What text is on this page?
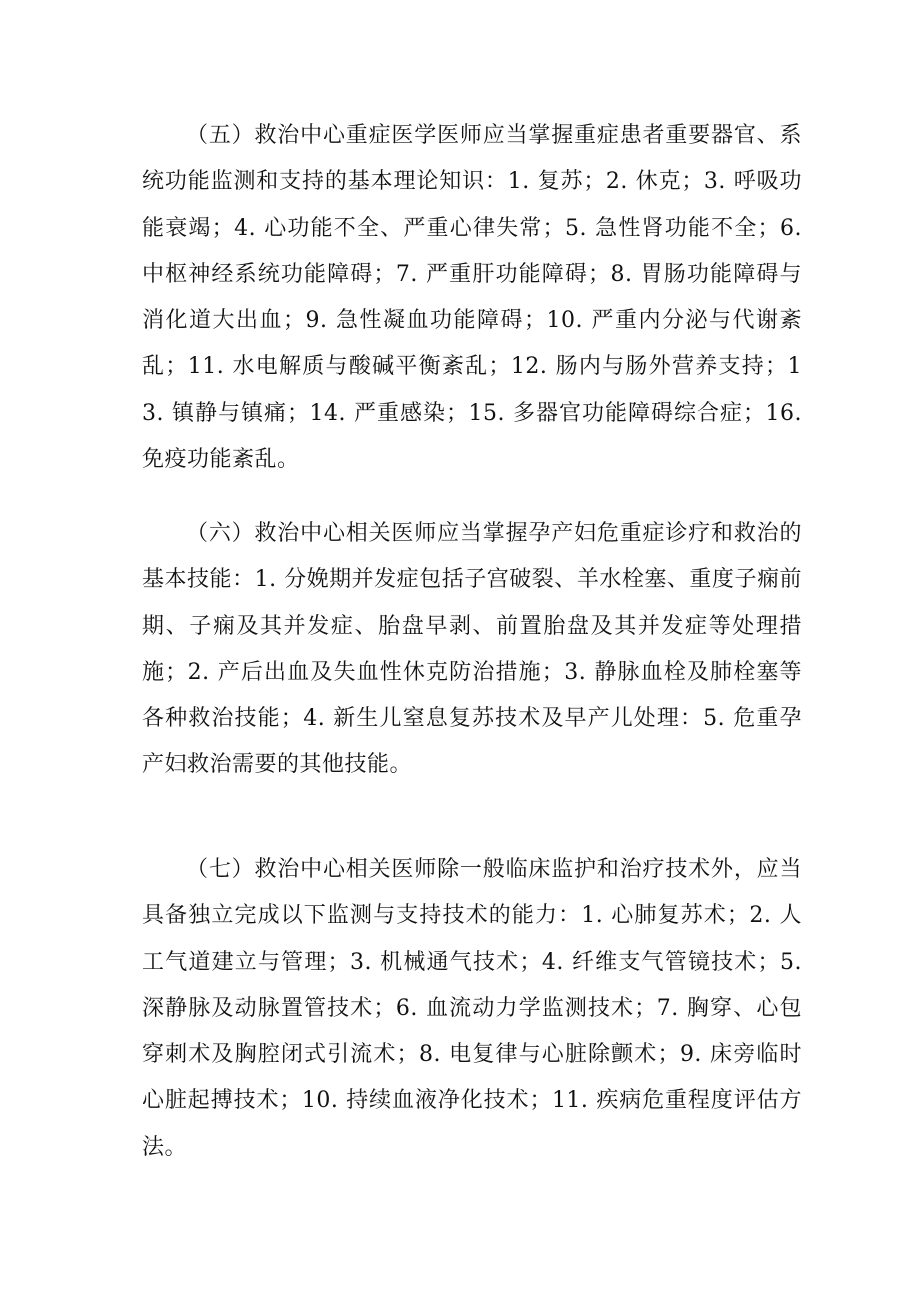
（五）救治中心重症医学医师应当掌握重症患者重要器官、系统功能监测和支持的基本理论知识：1. 复苏；2. 休克；3. 呼吸功能衰竭；4. 心功能不全、严重心律失常；5. 急性肾功能不全；6. 中枢神经系统功能障碍；7. 严重肝功能障碍；8. 胃肠功能障碍与消化道大出血；9. 急性凝血功能障碍；10. 严重内分泌与代谢紊乱；11. 水电解质与酸碱平衡紊乱；12. 肠内与肠外营养支持；13. 镇静与镇痛；14. 严重感染；15. 多器官功能障碍综合症；16. 免疫功能紊乱。

（六）救治中心相关医师应当掌握孕产妇危重症诊疗和救治的基本技能：1. 分娩期并发症包括子宫破裂、羊水栓塞、重度子痫前期、子痫及其并发症、胎盘早剥、前置胎盘及其并发症等处理措施；2. 产后出血及失血性休克防治措施；3. 静脉血栓及肺栓塞等各种救治技能；4. 新生儿窒息复苏技术及早产儿处理：5. 危重孕产妇救治需要的其他技能。

（七）救治中心相关医师除一般临床监护和治疗技术外，应当具备独立完成以下监测与支持技术的能力：1. 心肺复苏术；2. 人工气道建立与管理；3. 机械通气技术；4. 纤维支气管镜技术；5. 深静脉及动脉置管技术；6. 血流动力学监测技术；7. 胸穿、心包穿刺术及胸腔闭式引流术；8. 电复律与心脏除颤术；9. 床旁临时心脏起搏技术；10. 持续血液净化技术；11. 疾病危重程度评估方法。
